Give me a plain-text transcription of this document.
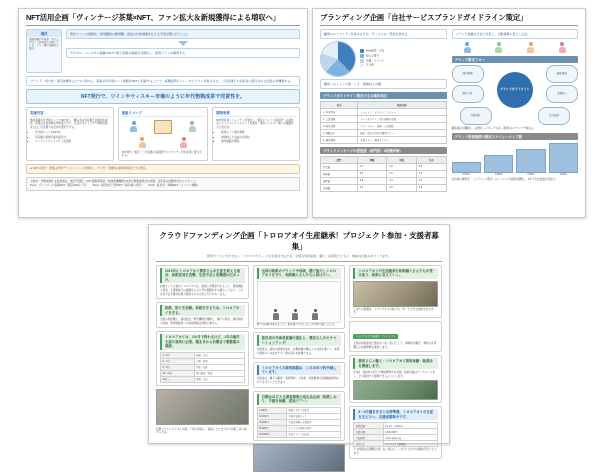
NFT活用企画「ヴィンテージ茶葉×NFT、ファン拡大＆新規獲得による増収へ」
現状
高級茶葉の生産量・売り上げはここ数年減少が続いている。ファン層の高齢化も進む。
既存ファンの高齢化・新規顧客の獲得難。商品の付加価値を伝える手段が限られている。
デジタル・フィジカル連携×NFTで希少茶葉の価値を可視化し、新規ファンを獲得する
ブランド・希少性・保有体験をひとつに束ねる。茶葉の年代別ロット情報をNFTに記録することで、真贋証明とトレーサビリティを両立させ、二次流通でも生産者に還元される仕組みを構築する。
NFT発行で、ワインやウィスキー市場のように年代物熟成茶で売買性を。
実施内容
熟成茶葉を年代別ロットでNFT化し、購入者は所有権と引換券を保有。保管は生産者側の専用蔵で行い、任意のタイミングで現物受取または二次流通での売却が選択できる。
• 年代別ロットをNFT化
• 所有権と現物引換を紐付け
• マーケットプレイスで二次流通
座組イメージ
NFT発行／販売／二次流通の各段階でロイヤリティが生産者に還元される。
期待効果
NFT保有者コミュニティを形成し、限定イベントや蔵見学への招待などファンエンゲージメントを強化。海外コレクター層への販路拡大も見込む。
• 新規ファン層の獲得
• 単価向上と収益の多角化
• 海外販路の開拓
※ NFTの発行・管理は外部プラットフォームを利用し、ガス代・手数料は事務局負担とする想定。
【検討・実施体制】生産者組合、販売代理店、NFT基盤事業者、地域金融機関の4者で推進委員会を設置。初年度は試験発行からスタート。
Tier1：ヴィンテージ茶葉NFT（限定100口／年） Tier2：新茶先行予約NFT（毎年春に発行） Tier3：蔵見学・体験NFT（イベント連動）
ブランディング企画「自社サービスブランドガイドライン策定」
顧客のロイヤリティを高めるため、サービスの一貫性を高める。
Web検索・広告
知人の紹介
店頭・イベント
その他
顧客へのイメージ統一こそ、価値向上の鍵。
ブランドガイドライン策定の主な検討項目
区分	検討内容
1. 基本理念	ミッション／ビジョン／バリュー
2. 言語表現	トーン＆マナー、禁止表現の定義
3. 視覚表現	ロゴ・カラー・書体・余白規定
4. 体験設計	接客・問合せ対応の標準フロー
5. 運用管理	承認フロー、更新サイクル
ブランドメッセージの浸透度（部門別・5段階評価）
部門	理解	実践	共有
営業部	4.1	3.6	3.4
開発部	3.5	3.2	3.0
管理部	3.8	3.3	3.1
店舗部	4.3	4.0	3.8
ブランド価値を全社で共有し、行動基準に落とし込む。
ブランド策定フロー
ブランドガイドライン
理念整理	顧客調査
競合分析	表現統一
行動指針	社内浸透
顧客接点の棚卸し→言語化→ビジュアル化→運用の4ステップで進める。
ブランド浸透施策の想定スケジュールと工数
STEP1	STEP2	STEP3	STEP4
社内向け説明会・ハンドブック配布・eラーニングを順次展開し、1年で全社浸透を目指す。
クラウドファンディング企画「トロロアオイ生産継承！プロジェクト参加・支援者募集」
和紙づくりに欠かせない「トロロアオイ」。その生産を守るため、全国の和紙産地・職人・応援者とともに、継承の仕組みをつくります。
2019年にトロロアオイ農家さんが生産を終える意向、和紙産地を直撃。生産不足に危機感が広がった。
粘剤として必須のトロロアオイは、栽培に手間がかかるうえ、買取価格も低迷。主要産地では高齢化により作付面積が年々縮小しており、このままでは手漉き和紙の製造そのものが立ち行かなくなる。
和紙、粘り生命線。和紙を守るため、トロロアオイを守る。
全国の和紙職人・産地組合・研究機関が連携し、種子の保存、栽培技術の記録、新規就農者への技術移転を同時に進める。
トロロアオイは、3カ月で終わるけど、1年の歳月を経た栽培に必要。種まきから収穫まで農繁期の連続。
4〜5月	播種・育苗
6〜7月	定植・除草
8〜9月	開花・摘花
10〜11月	根の掘取・洗浄
12月〜	貯蔵・出荷
収穫したトロロアオイの根。丁寧に洗浄し、産地ごとに仕分けて和紙工房へ届けられる。
全国の和紙のブランドや地域、種で協力しトロロアオイを守り、和紙職人さんたちに届けたい。
畑での収穫作業のようす。根を傷つけないよう手作業で掘り上げる。
使用者の当事者意識の強化と、農家さんのモチベーションアップ！
支援者は、栽培の現場を訪ね、収穫体験や職人との交流を通じて、和紙の素材から完成までの一連の流れを体験できる。
トロロアオイの栽培面積は、この10年で約半減しています。
支援金は、種子の確保・栽培資材・人件費・技術継承の記録映像制作にあてさせていただきます。
目標は21万人支援者募集の返礼品企画（和紙しおり、手漉き体験、産地ツアー）
3,000円	和紙しおり＋お礼状
10,000円	手漉き和紙セット
30,000円	手漉き体験＋産地見学
50,000円	オリジナル和紙の制作
100,000円	産地ツアー＋記念品
トロロアオイの生産継承を和紙職人さんたちが受け取り、和紙に変えていく。
工房での紙漉き。トロロアオイの粘りが、均一で丈夫な和紙を生み出す。
トロロアオイ生産継承！プロジェクト
全国の和紙産地と農家をつなぐ窓口として、事務局が種子・資材の共同購入と技術研修を運営します。
農家さんと職人・トロロアオイ栽培体験・勉強会を開催します。
年4回、産地持ち回りで現地研修会を実施。栽培記録はデータベース化し、どの産地でも参照できるようにします。
5・6月播きまきと出荷準備、トロロアオイの生産を支えたい。支援者募集中です。
募集期間	2月1日〜4月30日
目標金額	3,000,000円
実施場所	全国の和紙産地
お問合せ	プロジェクト事務局
※ 支援金は目標額に達しない場合も、いただいた分で計画を実行いたします。
